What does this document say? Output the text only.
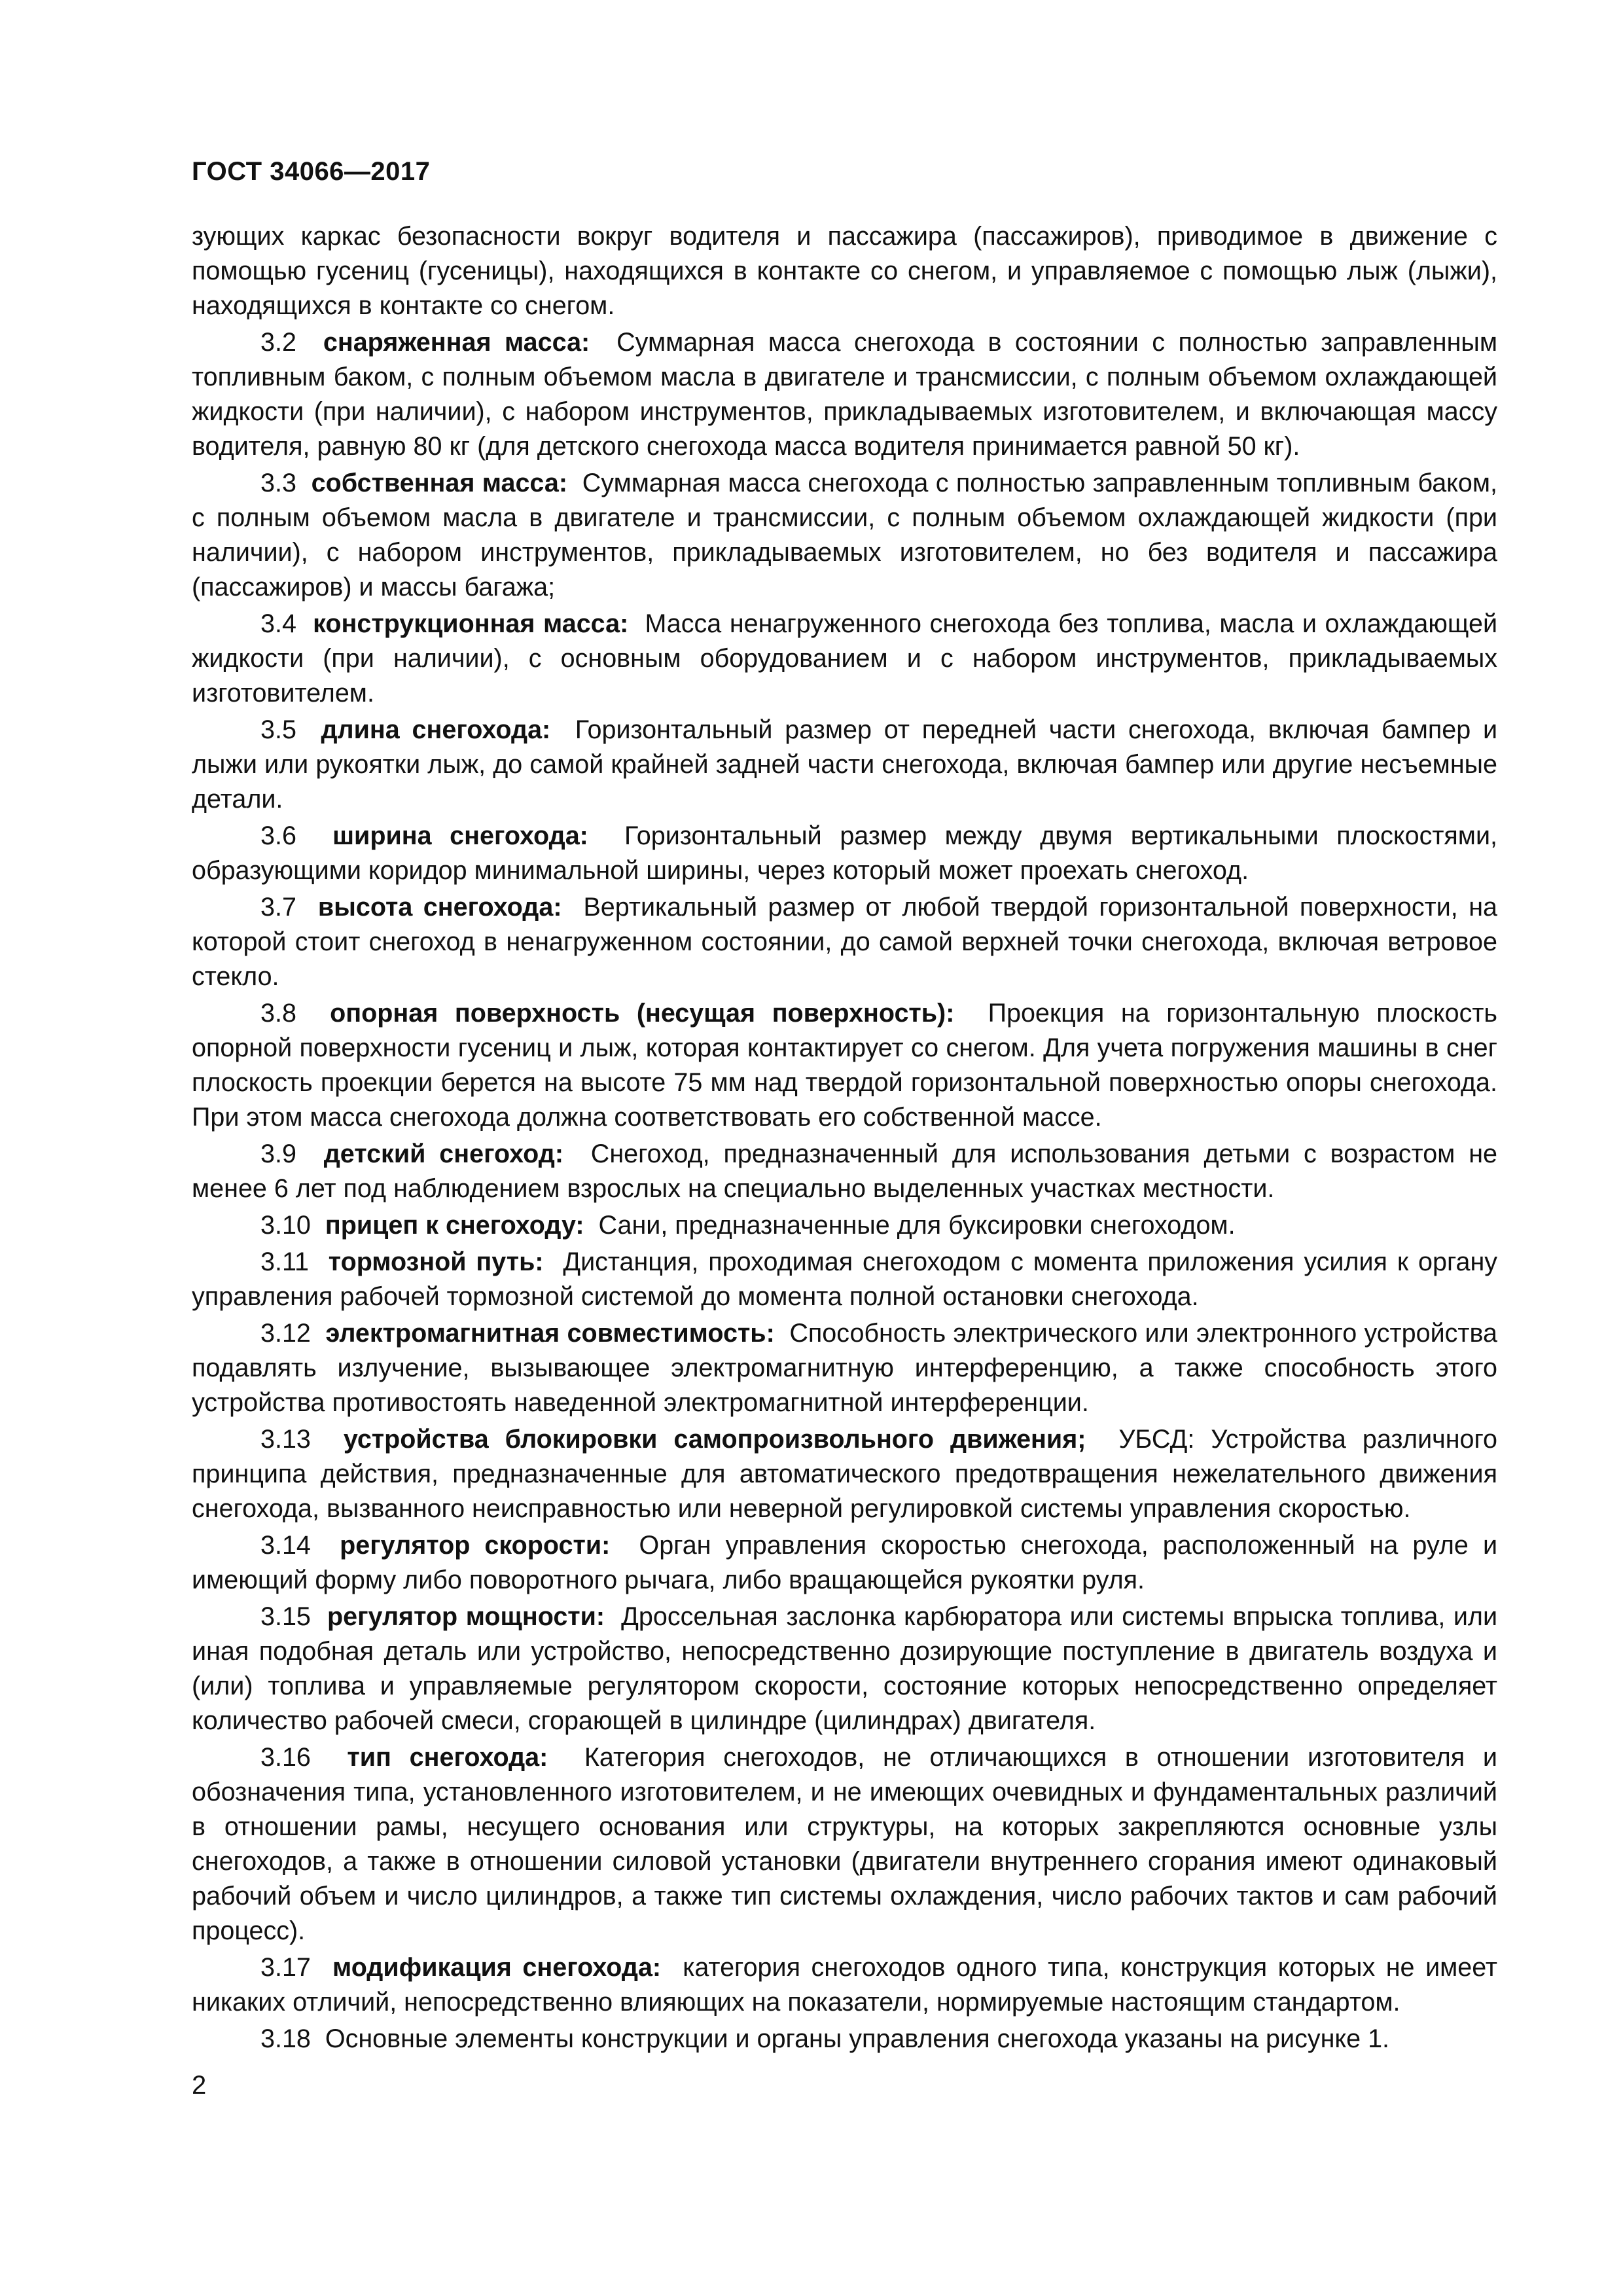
ГОСТ 34066—2017

зующих каркас безопасности вокруг водителя и пассажира (пассажиров), приводимое в движение с помощью гусениц (гусеницы), находящихся в контакте со снегом, и управляемое с помощью лыж (лыжи), находящихся в контакте со снегом.

3.2 снаряженная масса: Суммарная масса снегохода в состоянии с полностью заправленным топливным баком, с полным объемом масла в двигателе и трансмиссии, с полным объемом охлаждающей жидкости (при наличии), с набором инструментов, прикладываемых изготовителем, и включающая массу водителя, равную 80 кг (для детского снегохода масса водителя принимается равной 50 кг).

3.3 собственная масса: Суммарная масса снегохода с полностью заправленным топливным баком, с полным объемом масла в двигателе и трансмиссии, с полным объемом охлаждающей жидкости (при наличии), с набором инструментов, прикладываемых изготовителем, но без водителя и пассажира (пассажиров) и массы багажа;

3.4 конструкционная масса: Масса ненагруженного снегохода без топлива, масла и охлаждающей жидкости (при наличии), с основным оборудованием и с набором инструментов, прикладываемых изготовителем.

3.5 длина снегохода: Горизонтальный размер от передней части снегохода, включая бампер и лыжи или рукоятки лыж, до самой крайней задней части снегохода, включая бампер или другие несъемные детали.

3.6 ширина снегохода: Горизонтальный размер между двумя вертикальными плоскостями, образующими коридор минимальной ширины, через который может проехать снегоход.

3.7 высота снегохода: Вертикальный размер от любой твердой горизонтальной поверхности, на которой стоит снегоход в ненагруженном состоянии, до самой верхней точки снегохода, включая ветровое стекло.

3.8 опорная поверхность (несущая поверхность): Проекция на горизонтальную плоскость опорной поверхности гусениц и лыж, которая контактирует со снегом. Для учета погружения машины в снег плоскость проекции берется на высоте 75 мм над твердой горизонтальной поверхностью опоры снегохода. При этом масса снегохода должна соответствовать его собственной массе.

3.9 детский снегоход: Снегоход, предназначенный для использования детьми с возрастом не менее 6 лет под наблюдением взрослых на специально выделенных участках местности.

3.10 прицеп к снегоходу: Сани, предназначенные для буксировки снегоходом.

3.11 тормозной путь: Дистанция, проходимая снегоходом с момента приложения усилия к органу управления рабочей тормозной системой до момента полной остановки снегохода.

3.12 электромагнитная совместимость: Способность электрического или электронного устройства подавлять излучение, вызывающее электромагнитную интерференцию, а также способность этого устройства противостоять наведенной электромагнитной интерференции.

3.13 устройства блокировки самопроизвольного движения; УБСД: Устройства различного принципа действия, предназначенные для автоматического предотвращения нежелательного движения снегохода, вызванного неисправностью или неверной регулировкой системы управления скоростью.

3.14 регулятор скорости: Орган управления скоростью снегохода, расположенный на руле и имеющий форму либо поворотного рычага, либо вращающейся рукоятки руля.

3.15 регулятор мощности: Дроссельная заслонка карбюратора или системы впрыска топлива, или иная подобная деталь или устройство, непосредственно дозирующие поступление в двигатель воздуха и (или) топлива и управляемые регулятором скорости, состояние которых непосредственно определяет количество рабочей смеси, сгорающей в цилиндре (цилиндрах) двигателя.

3.16 тип снегохода: Категория снегоходов, не отличающихся в отношении изготовителя и обозначения типа, установленного изготовителем, и не имеющих очевидных и фундаментальных различий в отношении рамы, несущего основания или структуры, на которых закрепляются основные узлы снегоходов, а также в отношении силовой установки (двигатели внутреннего сгорания имеют одинаковый рабочий объем и число цилиндров, а также тип системы охлаждения, число рабочих тактов и сам рабочий процесс).

3.17 модификация снегохода: категория снегоходов одного типа, конструкция которых не имеет никаких отличий, непосредственно влияющих на показатели, нормируемые настоящим стандартом.

3.18 Основные элементы конструкции и органы управления снегохода указаны на рисунке 1.

2
